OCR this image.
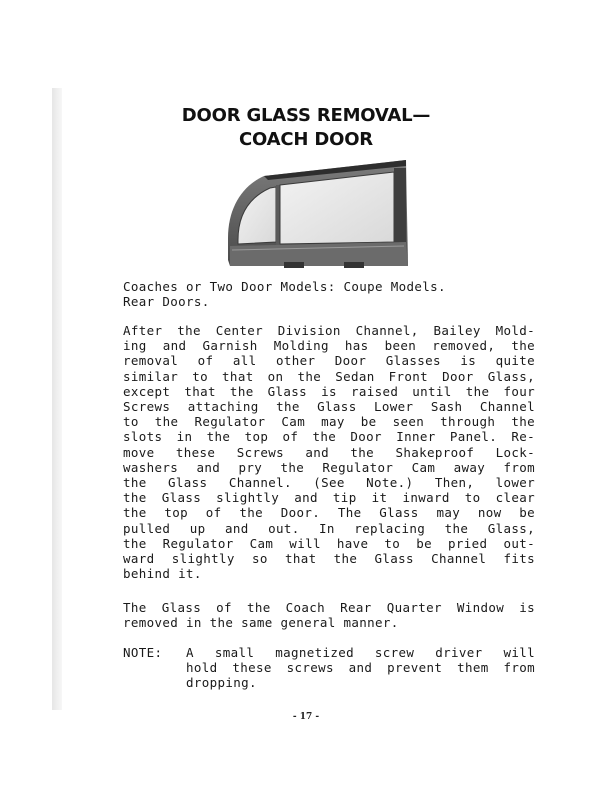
DOOR GLASS REMOVAL—
COACH DOOR
Coaches or Two Door Models: Coupe Models.
Rear Doors.
After the Center Division Channel, Bailey Mold-
ing and Garnish Molding has been removed, the
removal of all other Door Glasses is quite
similar to that on the Sedan Front Door Glass,
except that the Glass is raised until the four
Screws attaching the Glass Lower Sash Channel
to the Regulator Cam may be seen through the
slots in the top of the Door Inner Panel. Re-
move these Screws and the Shakeproof Lock-
washers and pry the Regulator Cam away from
the Glass Channel. (See Note.) Then, lower
the Glass slightly and tip it inward to clear
the top of the Door. The Glass may now be
pulled up and out. In replacing the Glass,
the Regulator Cam will have to be pried out-
ward slightly so that the Glass Channel fits
behind it.
The Glass of the Coach Rear Quarter Window is
removed in the same general manner.
NOTE: A small magnetized screw driver will
hold these screws and prevent them from
dropping.
- 17 -
